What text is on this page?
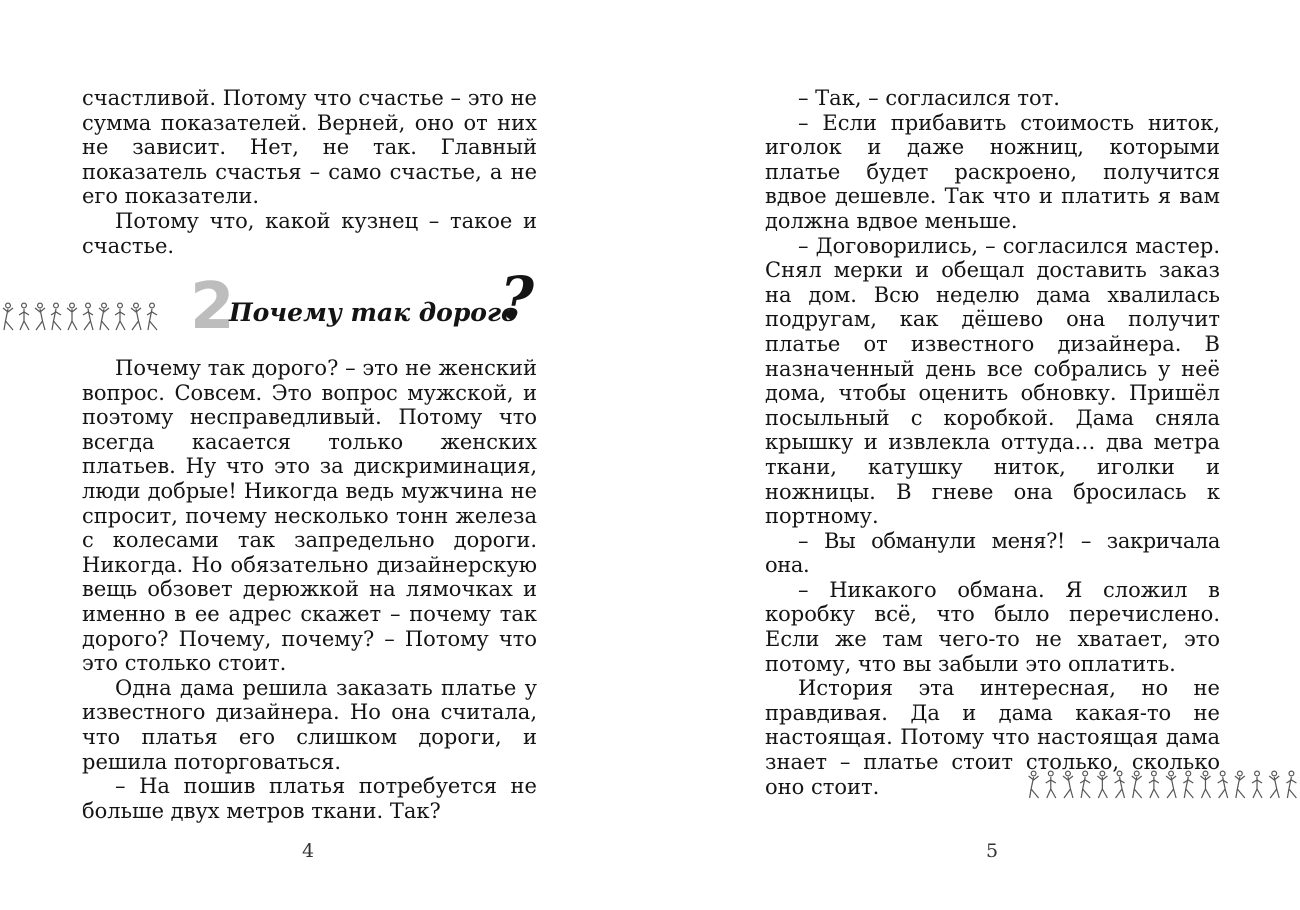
счастливой. Потому что счастье – это не сумма показателей. Верней, оно от них не зависит. Нет, не так. Главный показатель счастья – само счастье, а не его показатели.

Потому что, какой кузнец – такое и счастье.

2
Почему так дорого
?

Почему так дорого? – это не женский вопрос. Совсем. Это вопрос мужской, и поэтому несправедливый. Потому что всегда касается только женских платьев. Ну что это за дискриминация, люди добрые! Никогда ведь мужчина не спросит, почему несколько тонн железа с колесами так запредельно дороги. Никогда. Но обязательно дизайнерскую вещь обзовет дерюжкой на лямочках и именно в ее адрес скажет – почему так дорого? Почему, почему? – Потому что это столько стоит.

Одна дама решила заказать платье у известного дизайнера. Но она считала, что платья его слишком дороги, и решила поторговаться.

– На пошив платья потребуется не больше двух метров ткани. Так?

4

– Так, – согласился тот.

– Если прибавить стоимость ниток, иголок и даже ножниц, которыми платье будет раскроено, получится вдвое дешевле. Так что и платить я вам должна вдвое меньше.

– Договорились, – согласился мастер. Снял мерки и обещал доставить заказ на дом. Всю неделю дама хвалилась подругам, как дёшево она получит платье от известного дизайнера. В назначенный день все собрались у неё дома, чтобы оценить обновку. Пришёл посыльный с коробкой. Дама сняла крышку и извлекла оттуда… два метра ткани, катушку ниток, иголки и ножницы. В гневе она бросилась к портному.

– Вы обманули меня?! – закричала она.

– Никакого обмана. Я сложил в коробку всё, что было перечислено. Если же там чего-то не хватает, это потому, что вы забыли это оплатить.

История эта интересная, но не правдивая. Да и дама какая-то не настоящая. Потому что настоящая дама знает – платье стоит столько, сколько оно стоит.

5
